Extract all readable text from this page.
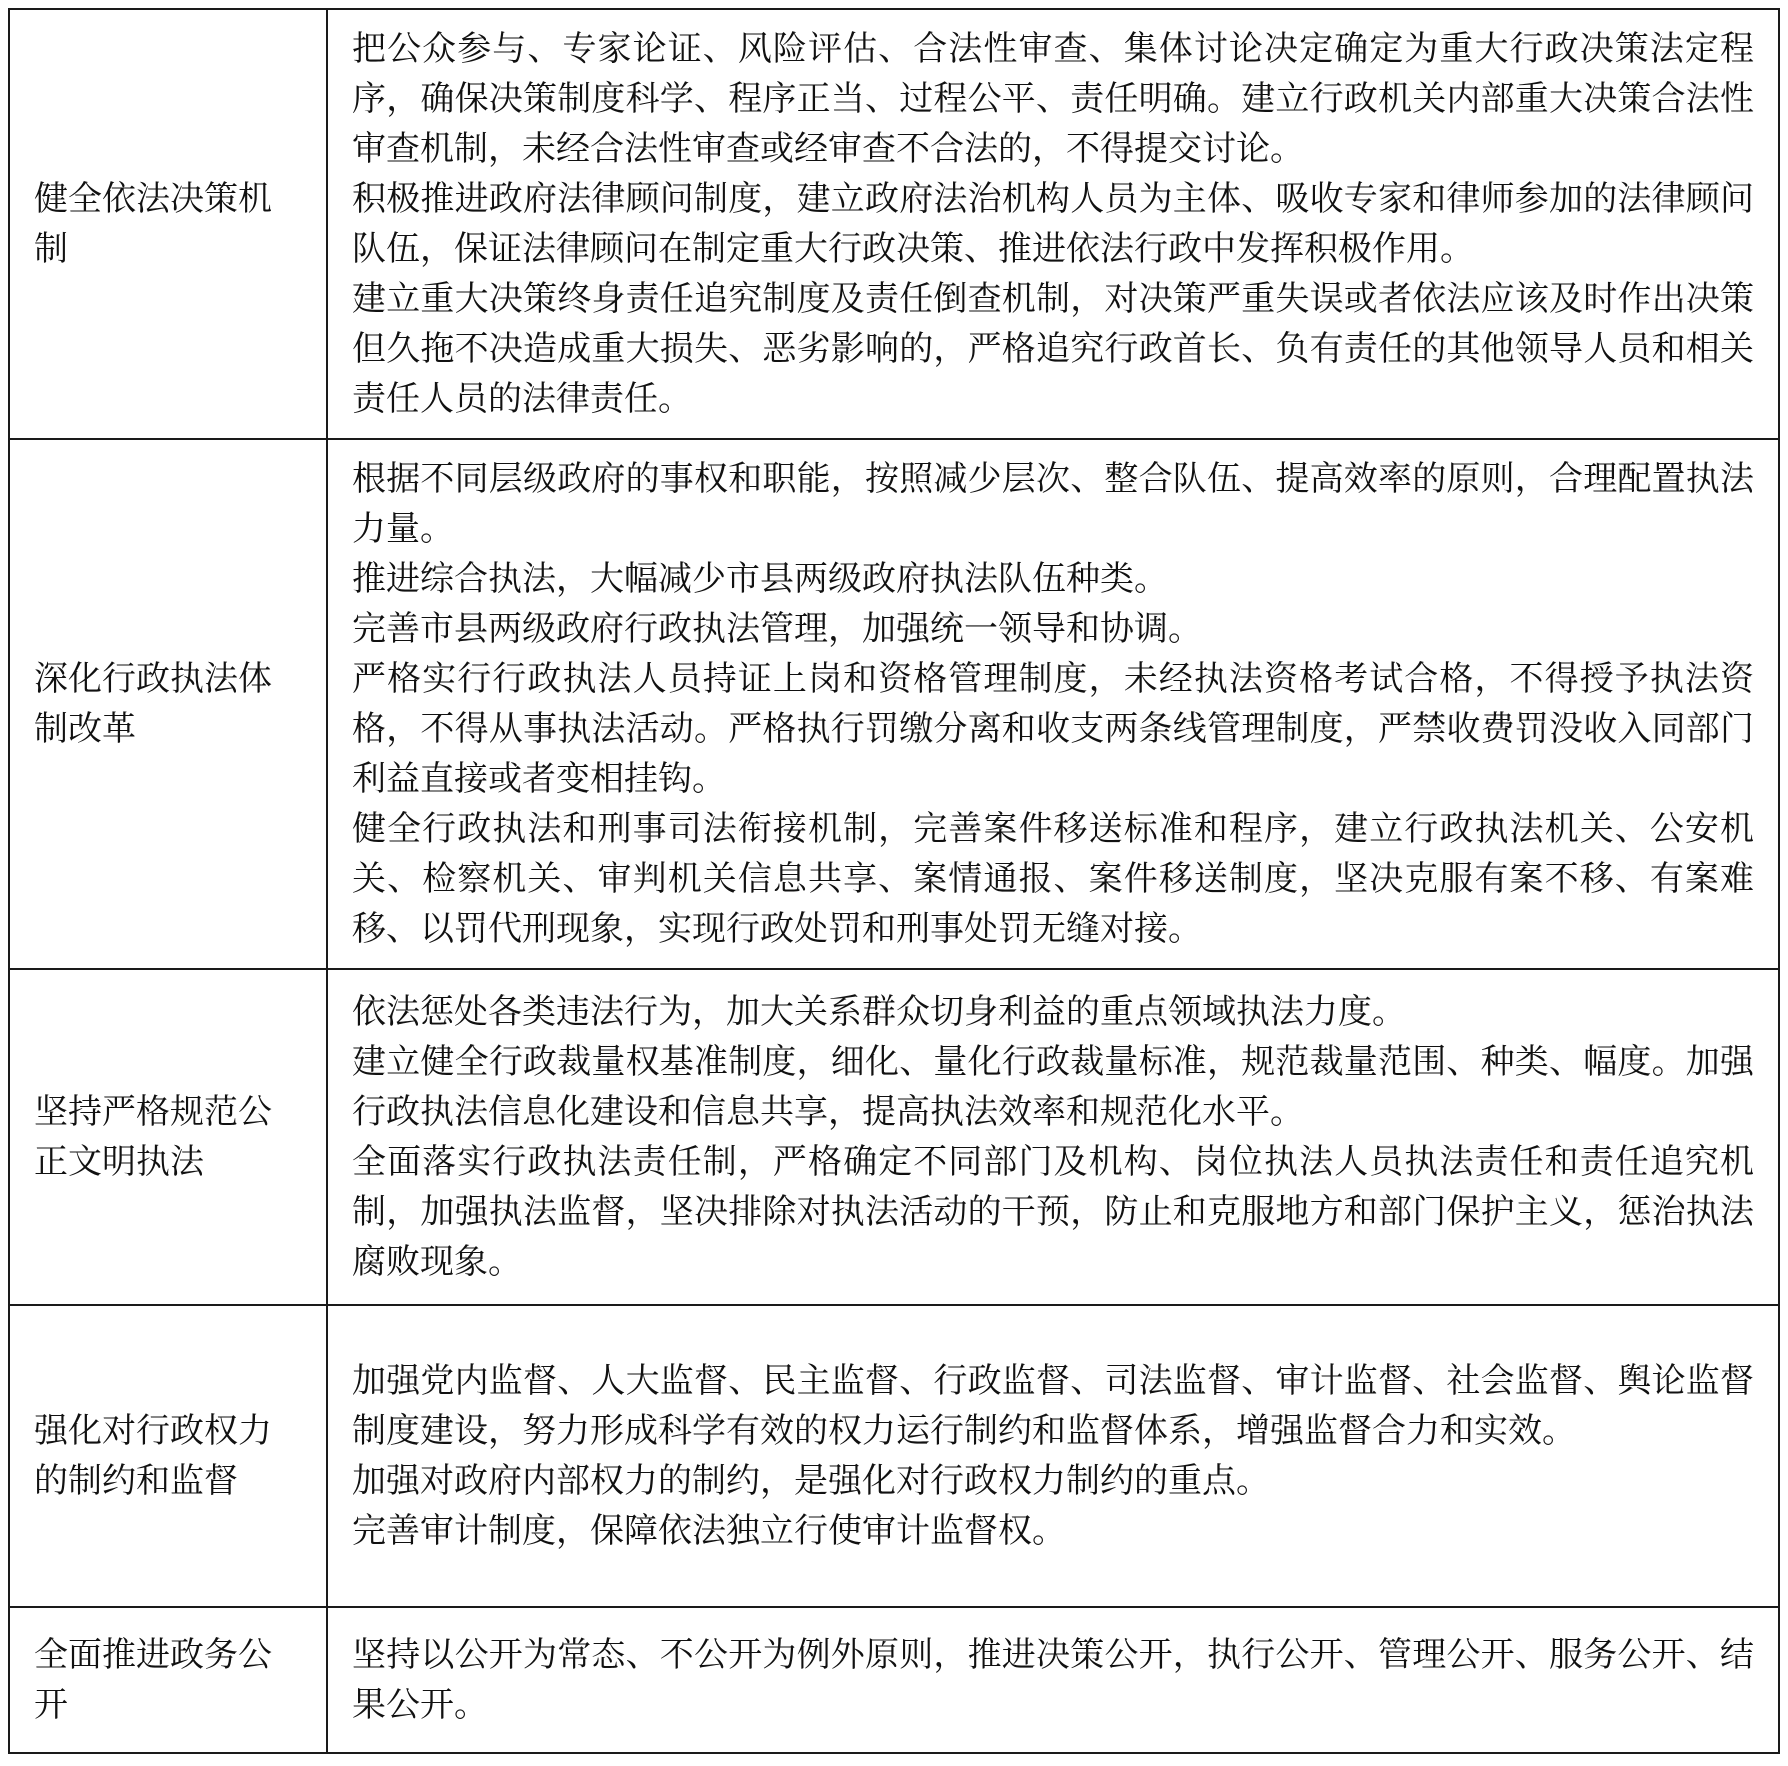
健全依法决策机制	把公众参与、专家论证、风险评估、合法性审查、集体讨论决定确定为重大行政决策法定程序，确保决策制度科学、程序正当、过程公平、责任明确。建立行政机关内部重大决策合法性审查机制，未经合法性审查或经审查不合法的，不得提交讨论。
积极推进政府法律顾问制度，建立政府法治机构人员为主体、吸收专家和律师参加的法律顾问队伍，保证法律顾问在制定重大行政决策、推进依法行政中发挥积极作用。
建立重大决策终身责任追究制度及责任倒查机制，对决策严重失误或者依法应该及时作出决策但久拖不决造成重大损失、恶劣影响的，严格追究行政首长、负有责任的其他领导人员和相关责任人员的法律责任。

深化行政执法体制改革	根据不同层级政府的事权和职能，按照减少层次、整合队伍、提高效率的原则，合理配置执法力量。
推进综合执法，大幅减少市县两级政府执法队伍种类。
完善市县两级政府行政执法管理，加强统一领导和协调。
严格实行行政执法人员持证上岗和资格管理制度，未经执法资格考试合格，不得授予执法资格，不得从事执法活动。严格执行罚缴分离和收支两条线管理制度，严禁收费罚没收入同部门利益直接或者变相挂钩。
健全行政执法和刑事司法衔接机制，完善案件移送标准和程序，建立行政执法机关、公安机关、检察机关、审判机关信息共享、案情通报、案件移送制度，坚决克服有案不移、有案难移、以罚代刑现象，实现行政处罚和刑事处罚无缝对接。

坚持严格规范公正文明执法	依法惩处各类违法行为，加大关系群众切身利益的重点领域执法力度。
建立健全行政裁量权基准制度，细化、量化行政裁量标准，规范裁量范围、种类、幅度。加强行政执法信息化建设和信息共享，提高执法效率和规范化水平。
全面落实行政执法责任制，严格确定不同部门及机构、岗位执法人员执法责任和责任追究机制，加强执法监督，坚决排除对执法活动的干预，防止和克服地方和部门保护主义，惩治执法腐败现象。

强化对行政权力的制约和监督	加强党内监督、人大监督、民主监督、行政监督、司法监督、审计监督、社会监督、舆论监督制度建设，努力形成科学有效的权力运行制约和监督体系，增强监督合力和实效。
加强对政府内部权力的制约，是强化对行政权力制约的重点。
完善审计制度，保障依法独立行使审计监督权。

全面推进政务公开	坚持以公开为常态、不公开为例外原则，推进决策公开，执行公开、管理公开、服务公开、结果公开。
